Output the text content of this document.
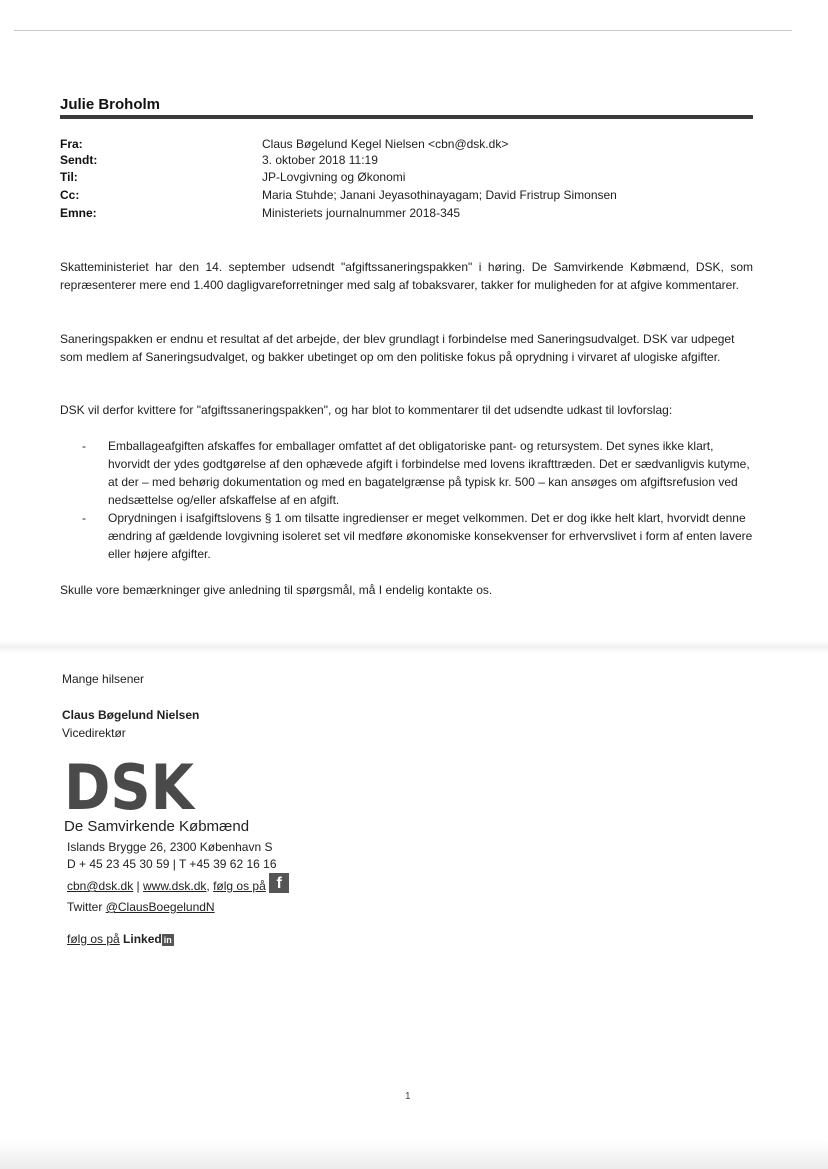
Julie Broholm
Fra:	Claus Bøgelund Kegel Nielsen <cbn@dsk.dk>
Sendt:	3. oktober 2018 11:19
Til:	JP-Lovgivning og Økonomi
Cc:	Maria Stuhde; Janani Jeyasothinayagam; David Fristrup Simonsen
Emne:	Ministeriets journalnummer 2018-345

Skatteministeriet har den 14. september udsendt "afgiftssaneringspakken" i høring. De Samvirkende Købmænd, DSK, som repræsenterer mere end 1.400 dagligvareforretninger med salg af tobaksvarer, takker for muligheden for at afgive kommentarer.

Saneringspakken er endnu et resultat af det arbejde, der blev grundlagt i forbindelse med Saneringsudvalget. DSK var udpeget som medlem af Saneringsudvalget, og bakker ubetinget op om den politiske fokus på oprydning i virvaret af ulogiske afgifter.

DSK vil derfor kvittere for "afgiftssaneringspakken", og har blot to kommentarer til det udsendte udkast til lovforslag:

- Emballageafgiften afskaffes for emballager omfattet af det obligatoriske pant- og retursystem. Det synes ikke klart, hvorvidt der ydes godtgørelse af den ophævede afgift i forbindelse med lovens ikrafttræden. Det er sædvanligvis kutyme, at der – med behørig dokumentation og med en bagatelgrænse på typisk kr. 500 – kan ansøges om afgiftsrefusion ved nedsættelse og/eller afskaffelse af en afgift.

- Oprydningen i isafgiftslovens § 1 om tilsatte ingredienser er meget velkommen. Det er dog ikke helt klart, hvorvidt denne ændring af gældende lovgivning isoleret set vil medføre økonomiske konsekvenser for erhvervslivet i form af enten lavere eller højere afgifter.

Skulle vore bemærkninger give anledning til spørgsmål, må I endelig kontakte os.

Mange hilsener
Claus Bøgelund Nielsen
Vicedirektør
DSK
De Samvirkende Købmænd
Islands Brygge 26, 2300 København S
D + 45 23 45 30 59 | T +45 39 62 16 16
cbn@dsk.dk | www.dsk.dk, følg os på f
Twitter @ClausBoegelundN
følg os på Linked in
1
